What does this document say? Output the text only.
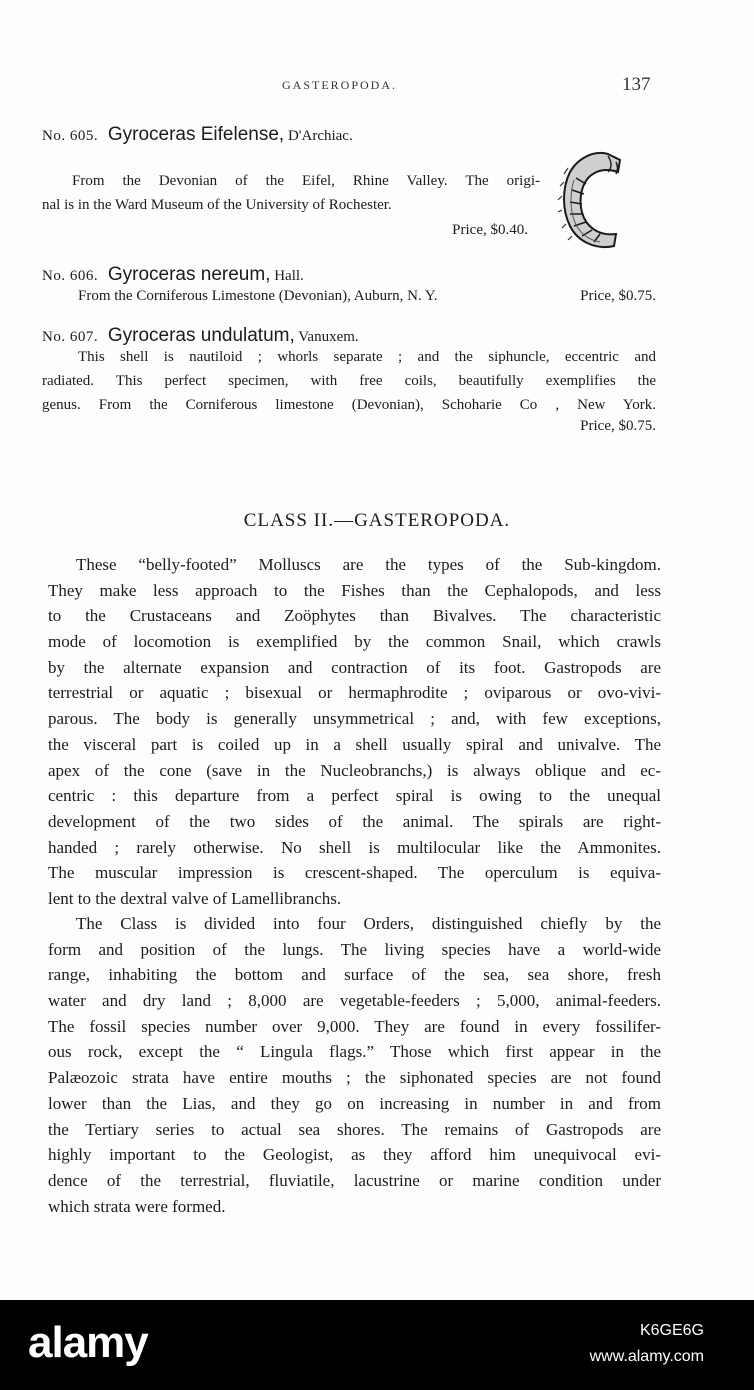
GASTEROPODA.	137
No. 605. Gyroceras Eifelense, D'Archiac.
From the Devonian of the Eifel, Rhine Valley. The origi-
nal is in the Ward Museum of the University of Rochester.
Price, $0.40.
No. 606. Gyroceras nereum, Hall.
From the Corniferous Limestone (Devonian), Auburn, N. Y.	Price, $0.75.
No. 607. Gyroceras undulatum, Vanuxem.
This shell is nautiloid ; whorls separate ; and the siphuncle, eccentric and
radiated. This perfect specimen, with free coils, beautifully exemplifies the
genus. From the Corniferous limestone (Devonian), Schoharie Co , New York.
Price, $0.75.
CLASS II.—GASTEROPODA.
These “belly-footed” Molluscs are the types of the Sub-kingdom.
They make less approach to the Fishes than the Cephalopods, and less
to the Crustaceans and Zoöphytes than Bivalves. The characteristic
mode of locomotion is exemplified by the common Snail, which crawls
by the alternate expansion and contraction of its foot. Gastropods are
terrestrial or aquatic ; bisexual or hermaphrodite ; oviparous or ovo-vivi-
parous. The body is generally unsymmetrical ; and, with few exceptions,
the visceral part is coiled up in a shell usually spiral and univalve. The
apex of the cone (save in the Nucleobranchs,) is always oblique and ec-
centric : this departure from a perfect spiral is owing to the unequal
development of the two sides of the animal. The spirals are right-
handed ; rarely otherwise. No shell is multilocular like the Ammonites.
The muscular impression is crescent-shaped. The operculum is equiva-
lent to the dextral valve of Lamellibranchs.
The Class is divided into four Orders, distinguished chiefly by the
form and position of the lungs. The living species have a world-wide
range, inhabiting the bottom and surface of the sea, sea shore, fresh
water and dry land ; 8,000 are vegetable-feeders ; 5,000, animal-feeders.
The fossil species number over 9,000. They are found in every fossilifer-
ous rock, except the “ Lingula flags.” Those which first appear in the
Palæozoic strata have entire mouths ; the siphonated species are not found
lower than the Lias, and they go on increasing in number in and from
the Tertiary series to actual sea shores. The remains of Gastropods are
highly important to the Geologist, as they afford him unequivocal evi-
dence of the terrestrial, fluviatile, lacustrine or marine condition under
which strata were formed.
alamy	K6GE6G
www.alamy.com
